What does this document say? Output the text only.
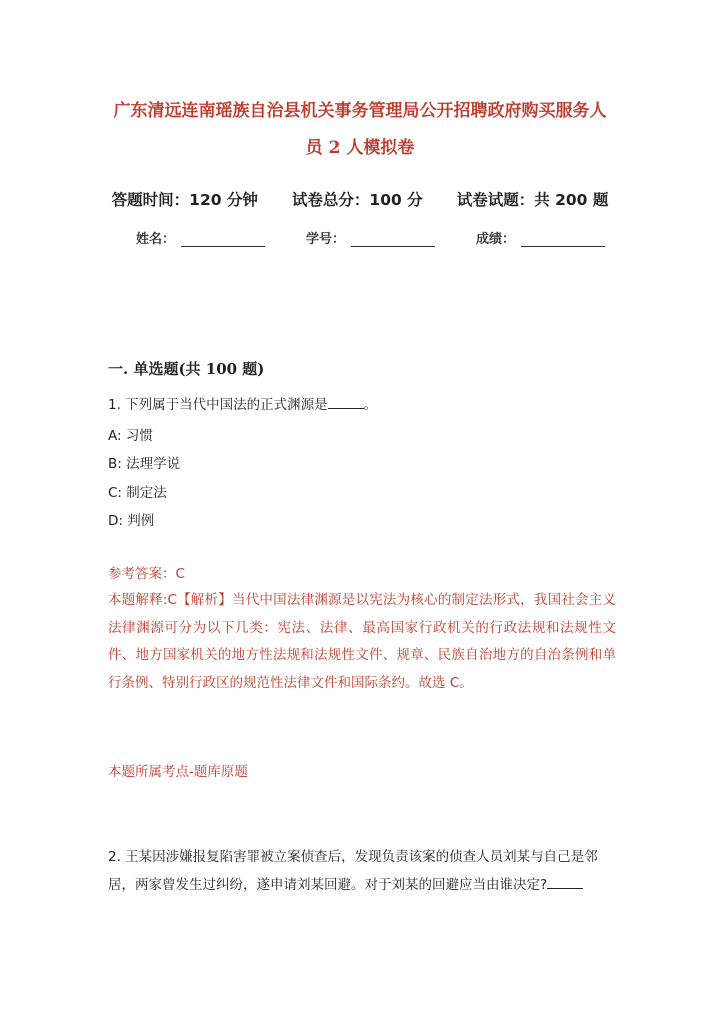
广东清远连南瑶族自治县机关事务管理局公开招聘政府购买服务人
员 2 人模拟卷
答题时间：120 分钟 试卷总分：100 分 试卷试题：共 200 题
姓名：	学号：	成绩：
一. 单选题(共 100 题)
1. 下列属于当代中国法的正式渊源是	。
A: 习惯
B: 法理学说
C: 制定法
D: 判例
参考答案：C
本题解释:C【解析】当代中国法律渊源是以宪法为核心的制定法形式，我国社会主义法律渊源可分为以下几类：宪法、法律、最高国家行政机关的行政法规和法规性文件、地方国家机关的地方性法规和法规性文件、规章、民族自治地方的自治条例和单行条例、特别行政区的规范性法律文件和国际条约。故选 C。
本题所属考点-题库原题
2. 王某因涉嫌报复陷害罪被立案侦查后，发现负责该案的侦查人员刘某与自己是邻居，两家曾发生过纠纷，遂申请刘某回避。对于刘某的回避应当由谁决定?
